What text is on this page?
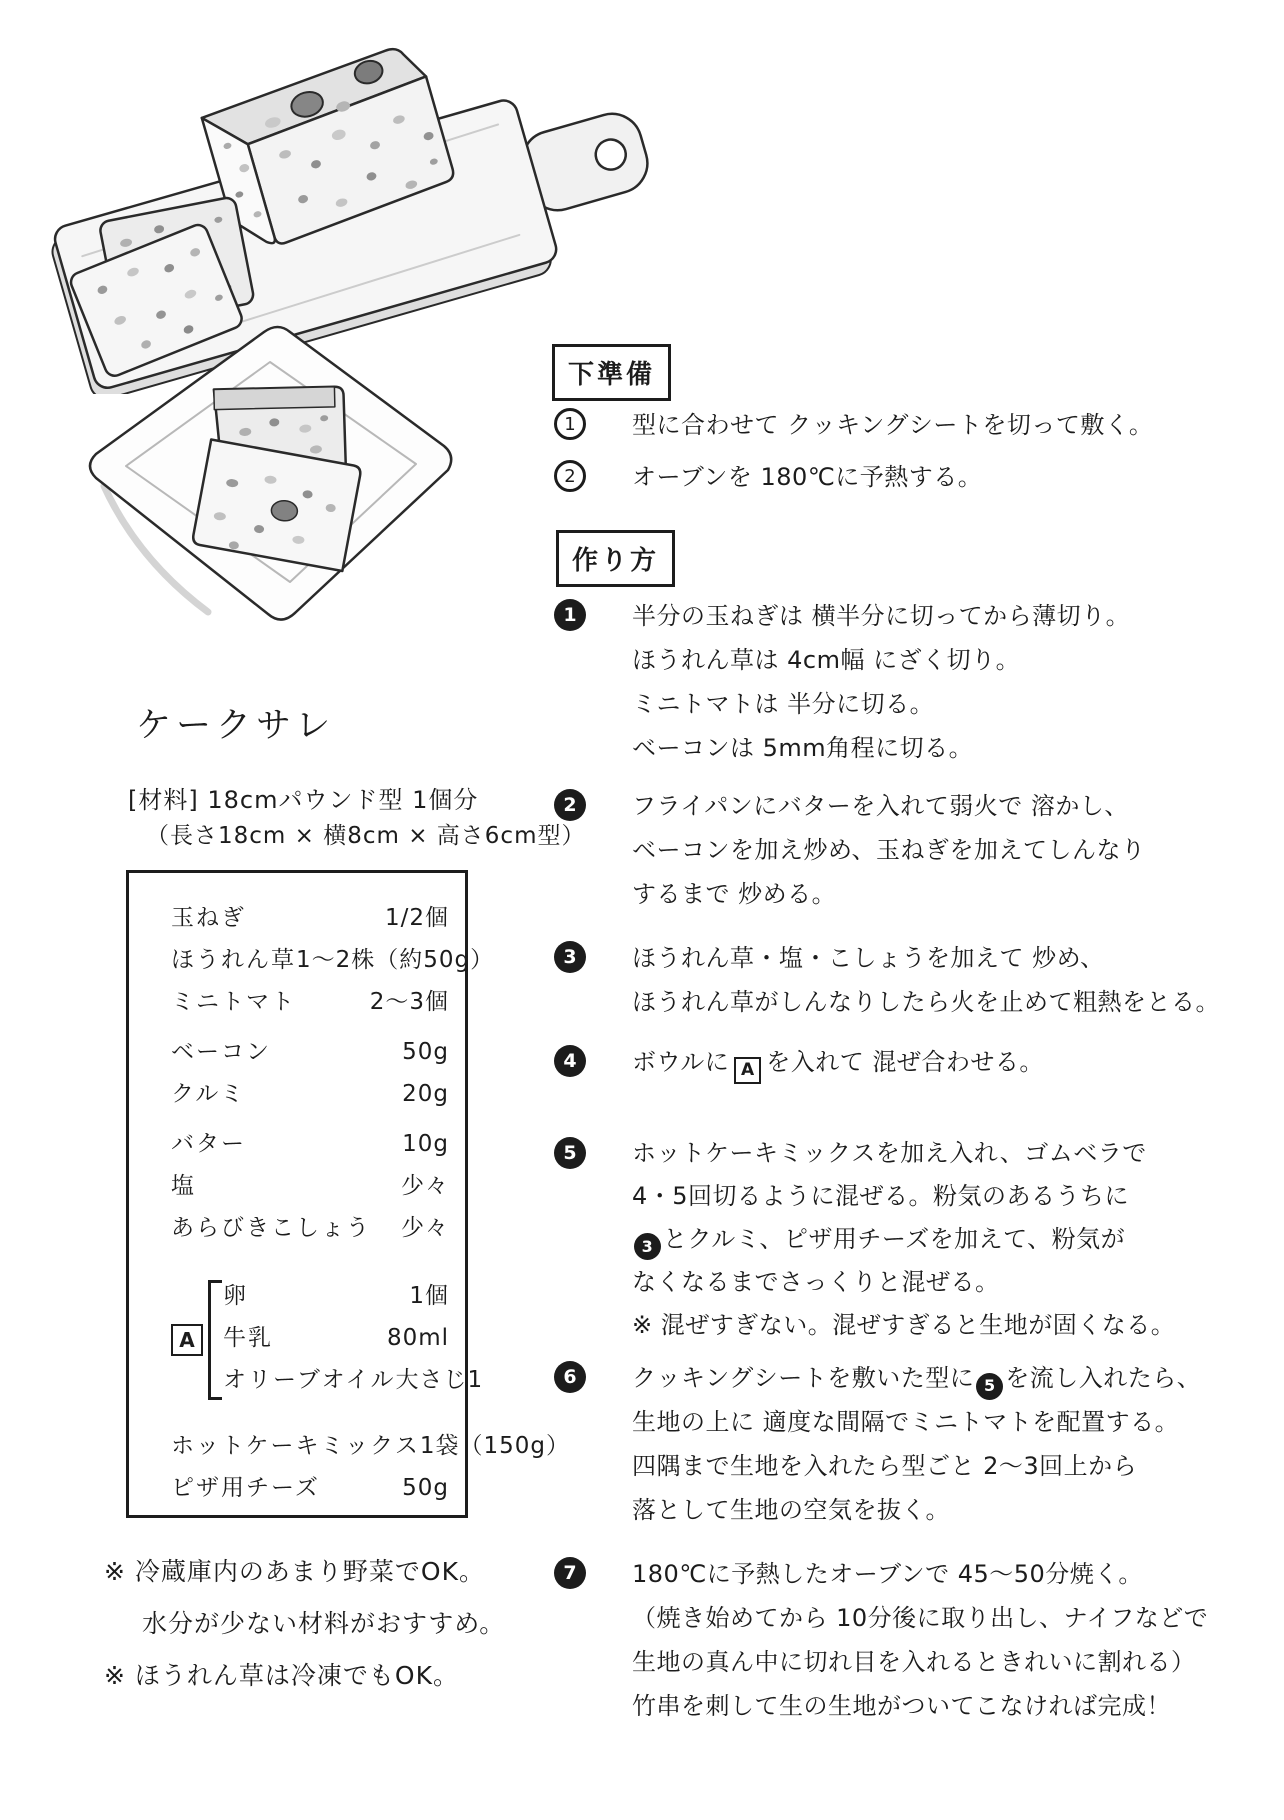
ケークサレ
[材料] 18cmパウンド型 1個分
（長さ18cm × 横8cm × 高さ6cm型）
玉ねぎ	1/2個
ほうれん草 1〜2株（約50g）
ミニトマト	2〜3個
ベーコン	50g
クルミ	20g
バター	10g
塩	少々
あらびきこしょう 少々
A
卵	1個
牛乳	80ml
オリーブオイル 大さじ1
ホットケーキミックス 1袋（150g）
ピザ用チーズ	50g
※ 冷蔵庫内のあまり野菜でOK。
水分が少ない材料がおすすめ。
※ ほうれん草は冷凍でもOK。
下準備
1	型に合わせて クッキングシートを切って敷く。
2	オーブンを 180℃に予熱する。
作り方
1	半分の玉ねぎは 横半分に切ってから薄切り。
ほうれん草は 4cm幅 にざく切り。
ミニトマトは 半分に切る。
ベーコンは 5mm角程に切る。
2	フライパンにバターを入れて弱火で 溶かし、
ベーコンを加え炒め、玉ねぎを加えてしんなり
するまで 炒める。
3	ほうれん草・塩・こしょうを加えて 炒め、
ほうれん草がしんなりしたら火を止めて粗熱をとる。
4	ボウルに A を入れて 混ぜ合わせる。
5	ホットケーキミックスを加え入れ、ゴムベラで
4・5回切るように混ぜる。粉気のあるうちに
3 とクルミ、ピザ用チーズを加えて、粉気が
なくなるまでさっくりと混ぜる。
※ 混ぜすぎない。混ぜすぎると生地が固くなる。
6	クッキングシートを敷いた型に 5 を流し入れたら、
生地の上に 適度な間隔でミニトマトを配置する。
四隅まで生地を入れたら型ごと 2〜3回上から
落として生地の空気を抜く。
7	180℃に予熱したオーブンで 45〜50分焼く。
（焼き始めてから 10分後に取り出し、ナイフなどで
生地の真ん中に切れ目を入れるときれいに割れる）
竹串を刺して生の生地がついてこなければ完成！
